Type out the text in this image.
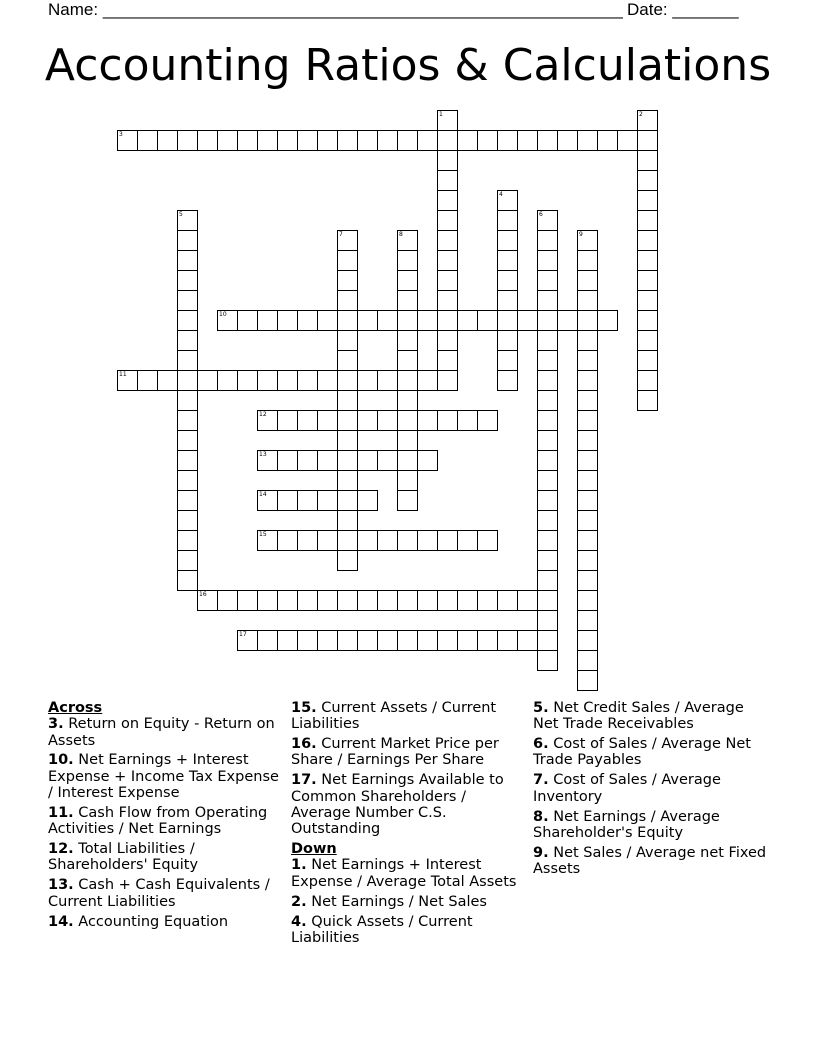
Name: _______________________________________________________ Date: _______
Accounting Ratios & Calculations
3
10
11
12
13
14
15
16
17
1	2
4
5	6
7	8	9
Across
3. Return on Equity - Return on Assets
10. Net Earnings + Interest Expense + Income Tax Expense / Interest Expense
11. Cash Flow from Operating Activities / Net Earnings
12. Total Liabilities / Shareholders' Equity
13. Cash + Cash Equivalents / Current Liabilities
14. Accounting Equation
15. Current Assets / Current Liabilities
16. Current Market Price per Share / Earnings Per Share
17. Net Earnings Available to Common Shareholders / Average Number C.S. Outstanding
Down
1. Net Earnings + Interest Expense / Average Total Assets
2. Net Earnings / Net Sales
4. Quick Assets / Current Liabilities
5. Net Credit Sales / Average Net Trade Receivables
6. Cost of Sales / Average Net Trade Payables
7. Cost of Sales / Average Inventory
8. Net Earnings / Average Shareholder's Equity
9. Net Sales / Average net Fixed Assets
